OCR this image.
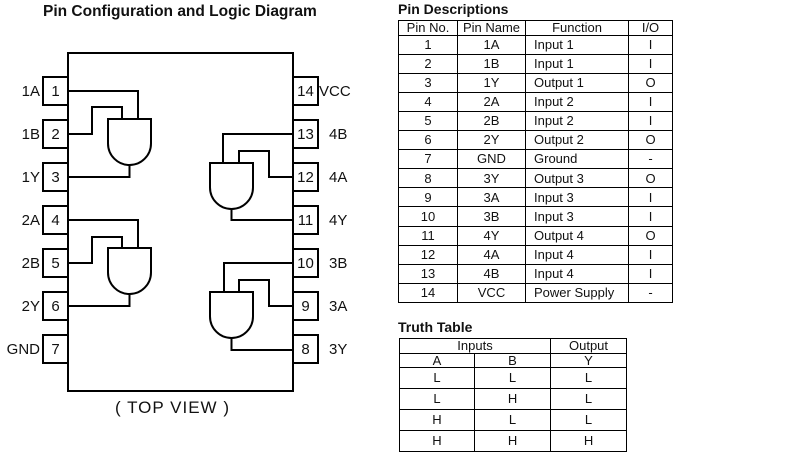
Pin Configuration and Logic Diagram
1
1A
2
1B
3
1Y
4
2A
5
2B
6
2Y
7
GND
14 VCC
13 4B
12 4A
11 4Y
10 3B
9 3A
8 3Y
( TOP VIEW )
Pin Descriptions
Pin No.	Pin Name	Function	I/O
1	1A	Input 1	I
2	1B	Input 1	I
3	1Y	Output 1	O
4	2A	Input 2	I
5	2B	Input 2	I
6	2Y	Output 2	O
7	GND	Ground	-
8	3Y	Output 3	O
9	3A	Input 3	I
10	3B	Input 3	I
11	4Y	Output 4	O
12	4A	Input 4	I
13	4B	Input 4	I
14	VCC	Power Supply	-
Truth Table
Inputs		Output
A	B	Y
L	L	L
L	H	L
H	L	L
H	H	H
